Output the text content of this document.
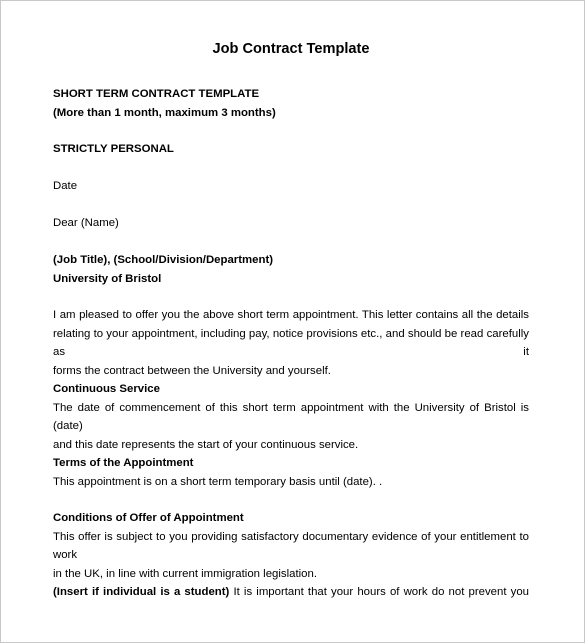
Job Contract Template
SHORT TERM CONTRACT TEMPLATE
(More than 1 month, maximum 3 months)
STRICTLY PERSONAL
Date
Dear (Name)
(Job Title), (School/Division/Department)
University of Bristol
I am pleased to offer you the above short term appointment. This letter contains all the details
relating to your appointment, including pay, notice provisions etc., and should be read carefully as it
forms the contract between the University and yourself.
Continuous Service
The date of commencement of this short term appointment with the University of Bristol is (date)
and this date represents the start of your continuous service.
Terms of the Appointment
This appointment is on a short term temporary basis until (date). .
Conditions of Offer of Appointment
This offer is subject to you providing satisfactory documentary evidence of your entitlement to work
in the UK, in line with current immigration legislation.
(Insert if individual is a student) It is important that your hours of work do not prevent you
